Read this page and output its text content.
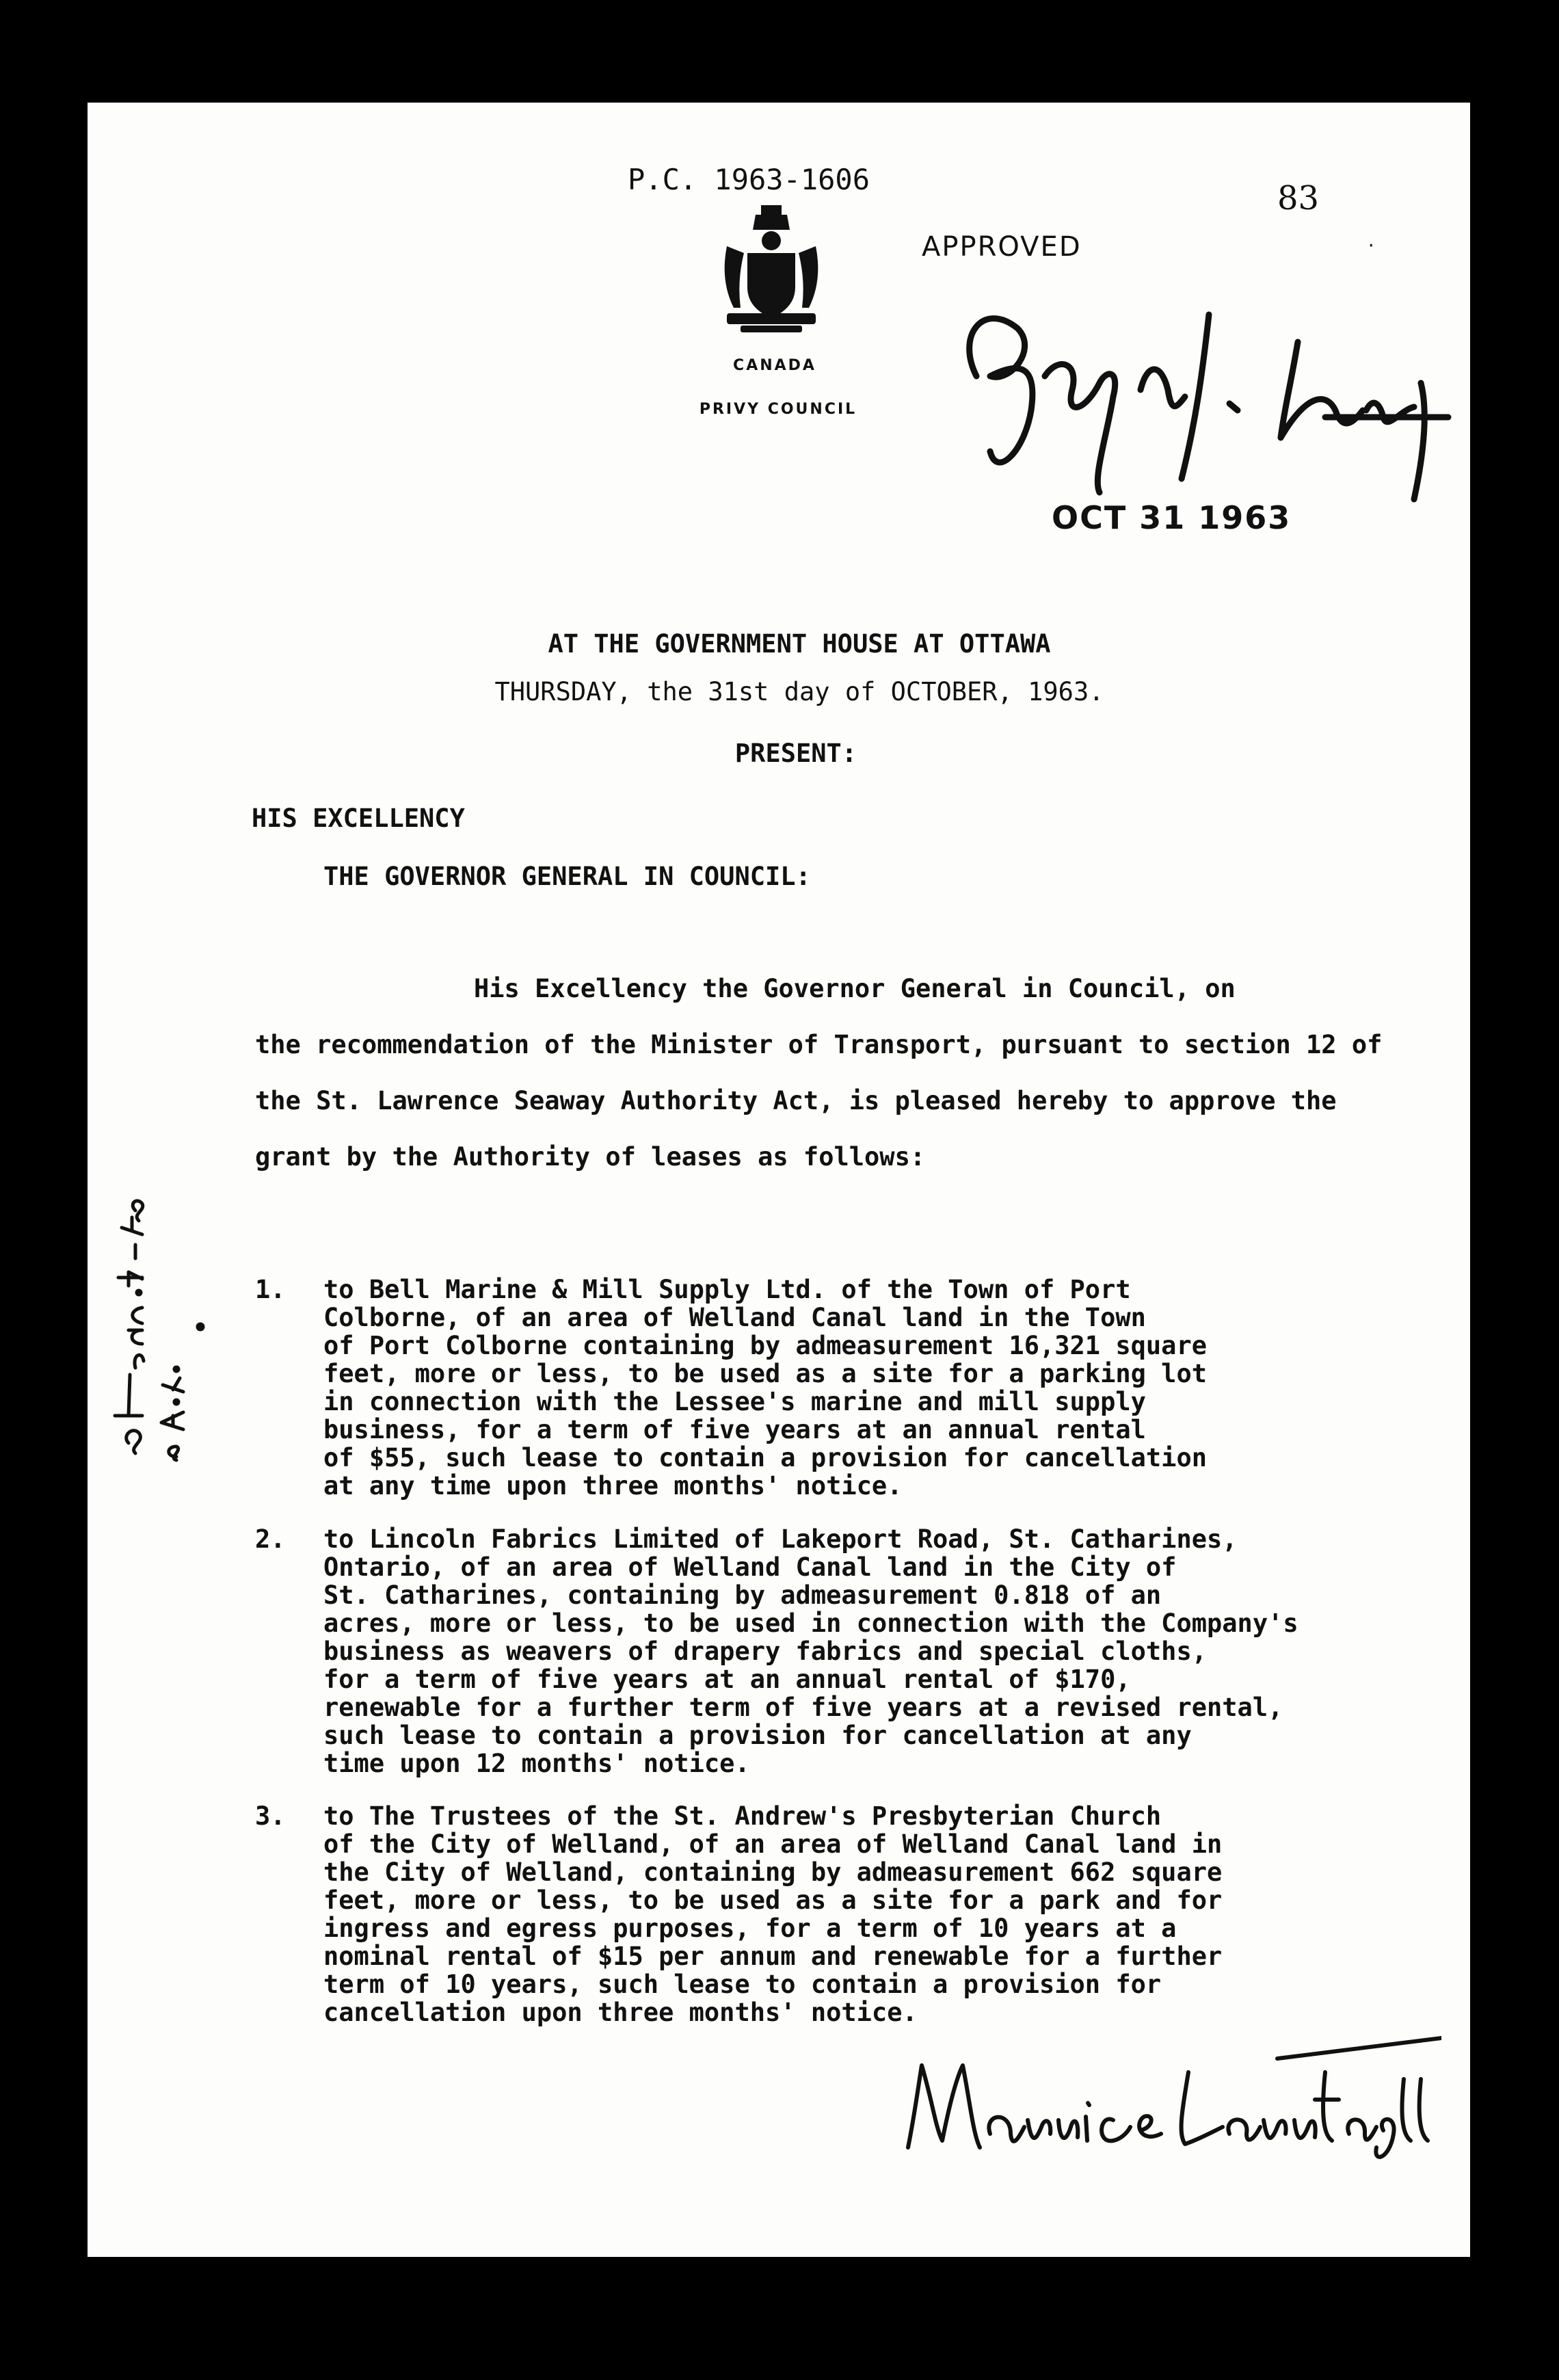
P.C. 1963-1606	83

·

CANADA

PRIVY COUNCIL

APPROVED

OCT 31 1963

AT THE GOVERNMENT HOUSE AT OTTAWA

THURSDAY, the 31st day of OCTOBER, 1963.

PRESENT:

HIS EXCELLENCY

THE GOVERNOR GENERAL IN COUNCIL:

His Excellency the Governor General in Council, on
the recommendation of the Minister of Transport, pursuant to section 12 of the St. Lawrence Seaway Authority Act, is pleased hereby to approve the grant by the Authority of leases as follows:
1.	to Bell Marine & Mill Supply Ltd. of the Town of Port
Colborne, of an area of Welland Canal land in the Town
of Port Colborne containing by admeasurement 16,321 square
feet, more or less, to be used as a site for a parking lot
in connection with the Lessee's marine and mill supply
business, for a term of five years at an annual rental
of $55, such lease to contain a provision for cancellation
at any time upon three months' notice.
2.	to Lincoln Fabrics Limited of Lakeport Road, St. Catharines,
Ontario, of an area of Welland Canal land in the City of
St. Catharines, containing by admeasurement 0.818 of an
acres, more or less, to be used in connection with the Company's
business as weavers of drapery fabrics and special cloths,
for a term of five years at an annual rental of $170,
renewable for a further term of five years at a revised rental,
such lease to contain a provision for cancellation at any
time upon 12 months' notice.
3.	to The Trustees of the St. Andrew's Presbyterian Church
of the City of Welland, of an area of Welland Canal land in
the City of Welland, containing by admeasurement 662 square
feet, more or less, to be used as a site for a park and for
ingress and egress purposes, for a term of 10 years at a
nominal rental of $15 per annum and renewable for a further
term of 10 years, such lease to contain a provision for
cancellation upon three months' notice.
